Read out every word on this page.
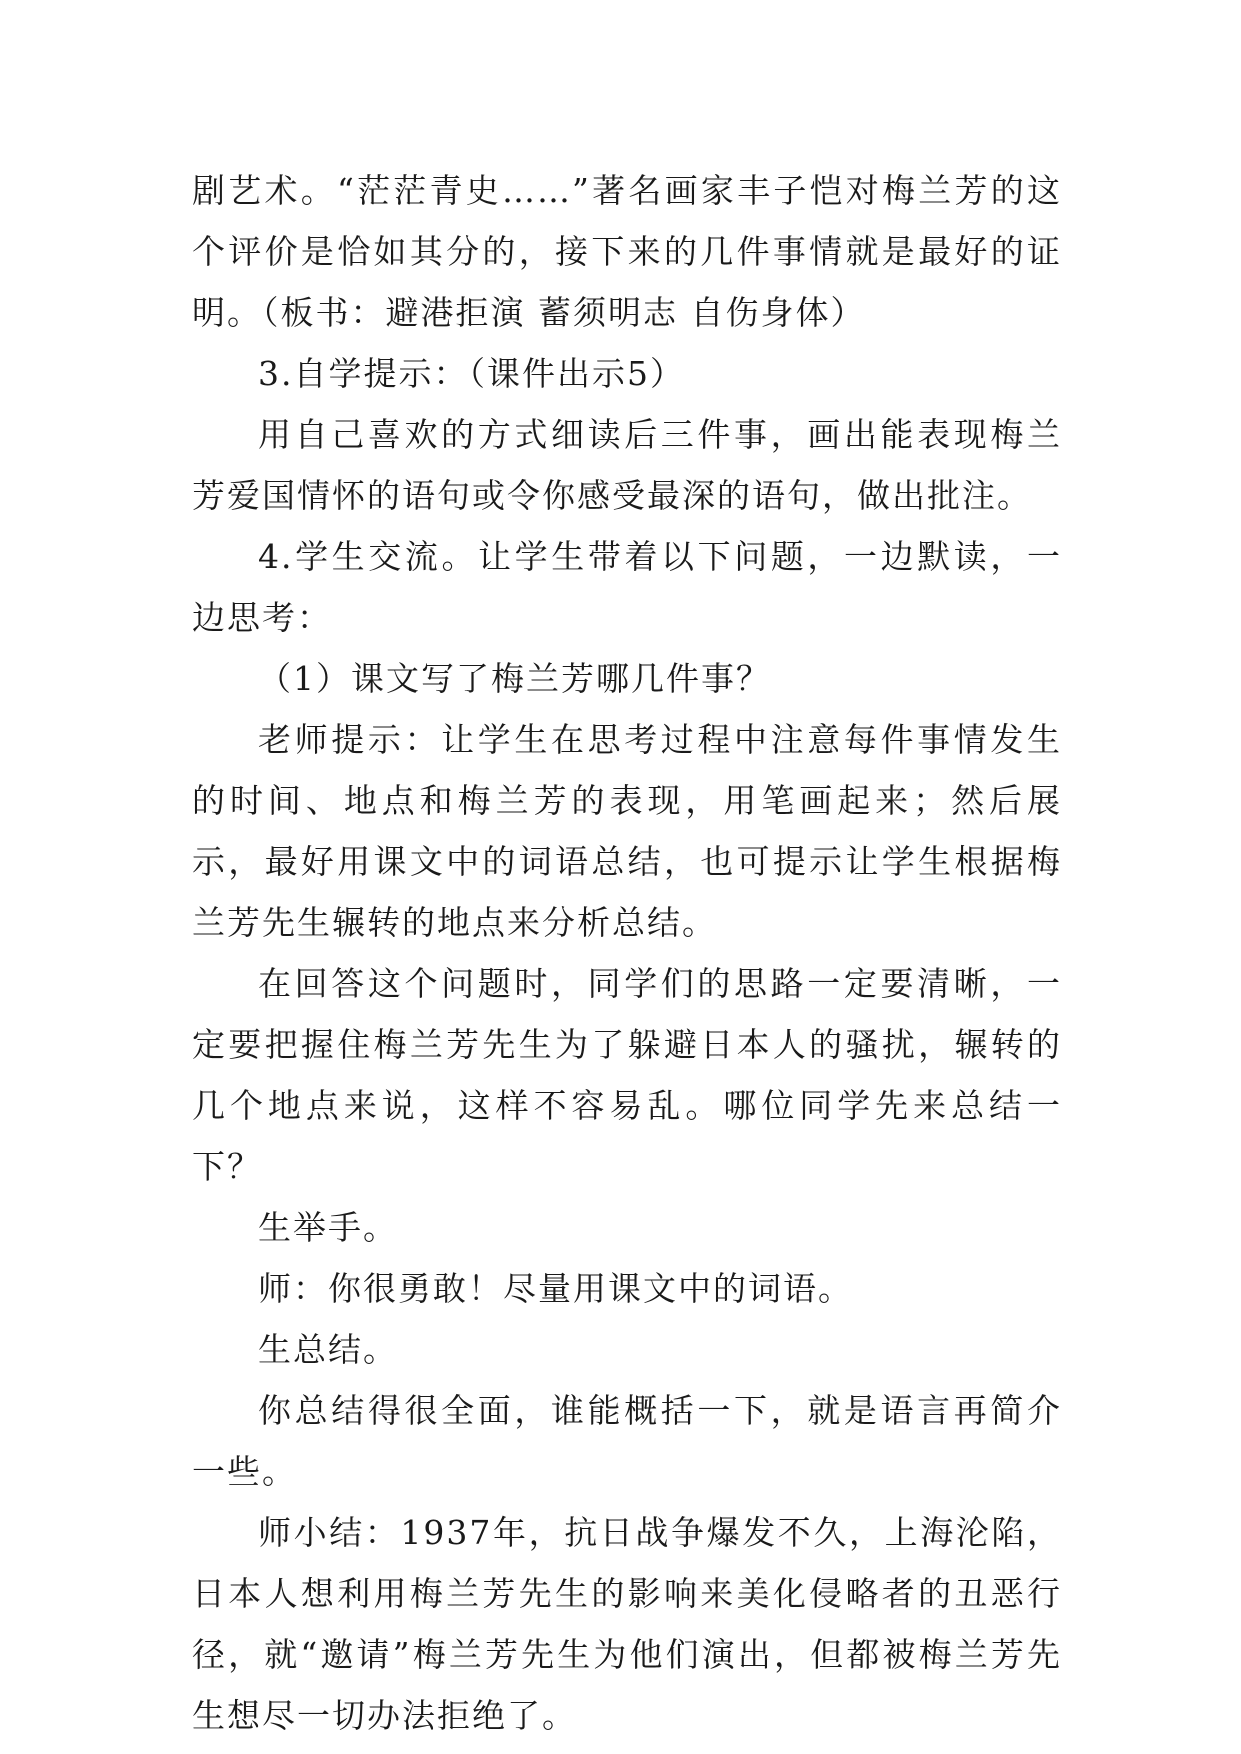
剧艺术。“茫茫青史……”著名画家丰子恺对梅兰芳的这个评价是恰如其分的，接下来的几件事情就是最好的证明。（板书：避港拒演 蓄须明志 自伤身体）

3.自学提示：（课件出示5）

用自己喜欢的方式细读后三件事，画出能表现梅兰芳爱国情怀的语句或令你感受最深的语句，做出批注。

4.学生交流。让学生带着以下问题，一边默读，一边思考：

（1）课文写了梅兰芳哪几件事？

老师提示：让学生在思考过程中注意每件事情发生的时间、地点和梅兰芳的表现，用笔画起来；然后展示，最好用课文中的词语总结，也可提示让学生根据梅兰芳先生辗转的地点来分析总结。

在回答这个问题时，同学们的思路一定要清晰，一定要把握住梅兰芳先生为了躲避日本人的骚扰，辗转的几个地点来说，这样不容易乱。哪位同学先来总结一下？

生举手。

师：你很勇敢！尽量用课文中的词语。

生总结。

你总结得很全面，谁能概括一下，就是语言再简介一些。

师小结：1937年，抗日战争爆发不久，上海沦陷，日本人想利用梅兰芳先生的影响来美化侵略者的丑恶行径，就“邀请”梅兰芳先生为他们演出，但都被梅兰芳先生想尽一切办法拒绝了。
